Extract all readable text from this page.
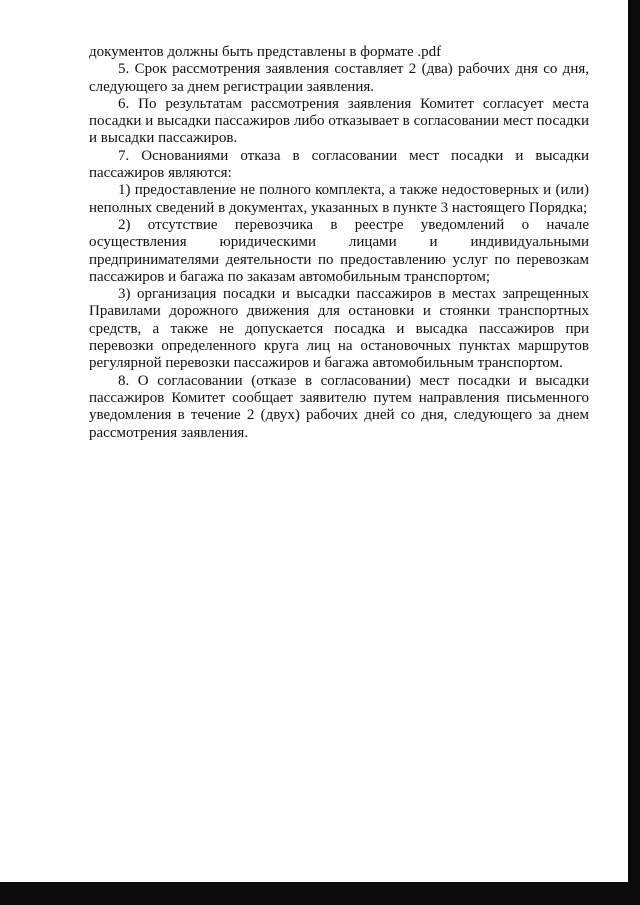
документов должны быть представлены в формате .pdf

5. Срок рассмотрения заявления составляет 2 (два) рабочих дня со дня, следующего за днем регистрации заявления.

6. По результатам рассмотрения заявления Комитет согласует места посадки и высадки пассажиров либо отказывает в согласовании мест посадки и высадки пассажиров.

7. Основаниями отказа в согласовании мест посадки и высадки пассажиров являются:

1) предоставление не полного комплекта, а также недостоверных и (или) неполных сведений в документах, указанных в пункте 3 настоящего Порядка;

2) отсутствие перевозчика в реестре уведомлений о начале осуществления юридическими лицами и индивидуальными предпринимателями деятельности по предоставлению услуг по перевозкам пассажиров и багажа по заказам автомобильным транспортом;

3) организация посадки и высадки пассажиров в местах запрещенных Правилами дорожного движения для остановки и стоянки транспортных средств, а также не допускается посадка и высадка пассажиров при перевозки определенного круга лиц на остановочных пунктах маршрутов регулярной перевозки пассажиров и багажа автомобильным транспортом.

8. О согласовании (отказе в согласовании) мест посадки и высадки пассажиров Комитет сообщает заявителю путем направления письменного уведомления в течение 2 (двух) рабочих дней со дня, следующего за днем рассмотрения заявления.
